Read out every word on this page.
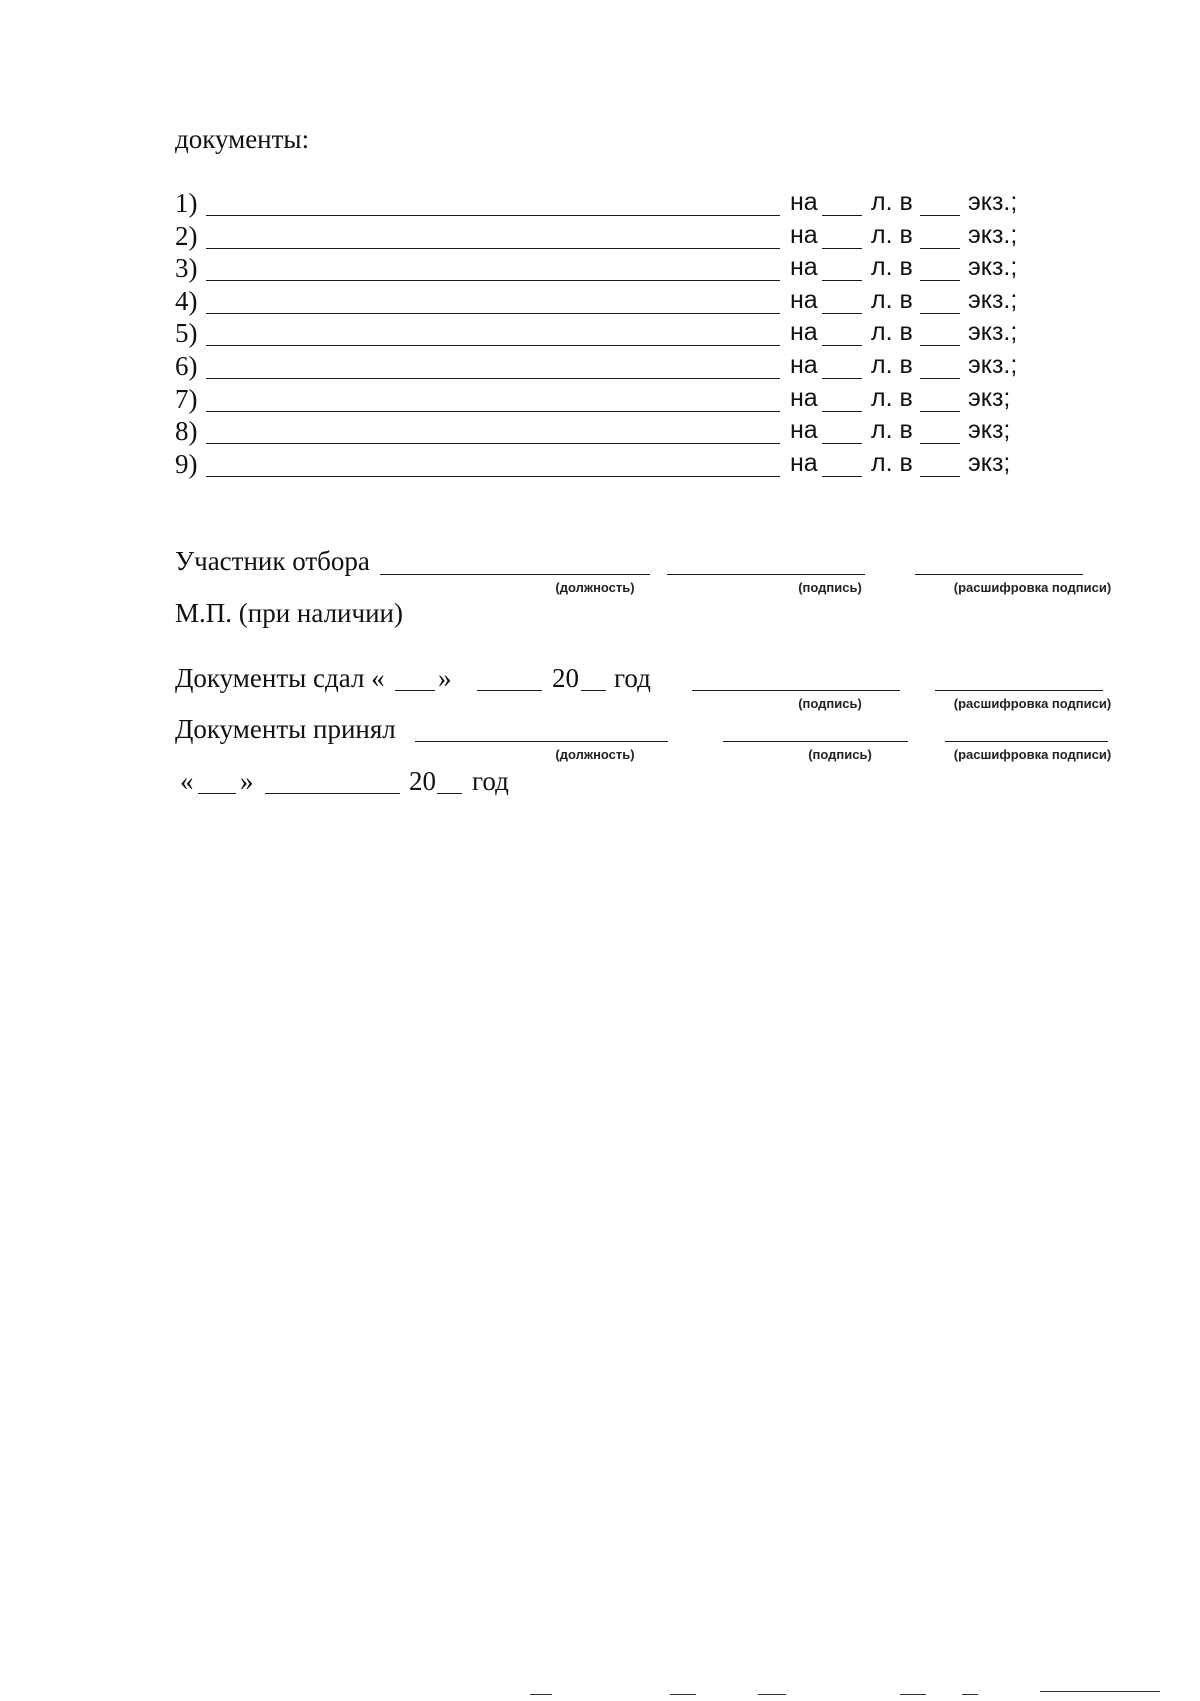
документы:
1)	на л. в экз.;
2)	на л. в экз.;
3)	на л. в экз.;
4)	на л. в экз.;
5)	на л. в экз.;
6)	на л. в экз.;
7)	на л. в экз;
8)	на л. в экз;
9)	на л. в экз;
Участник отбора
(должность)	(подпись)	(расшифровка подписи)
М.П. (при наличии)
Документы сдал « »	20 год
(подпись)	(расшифровка подписи)
Документы принял
(должность)	(подпись)	(расшифровка подписи)
« »	20 год
